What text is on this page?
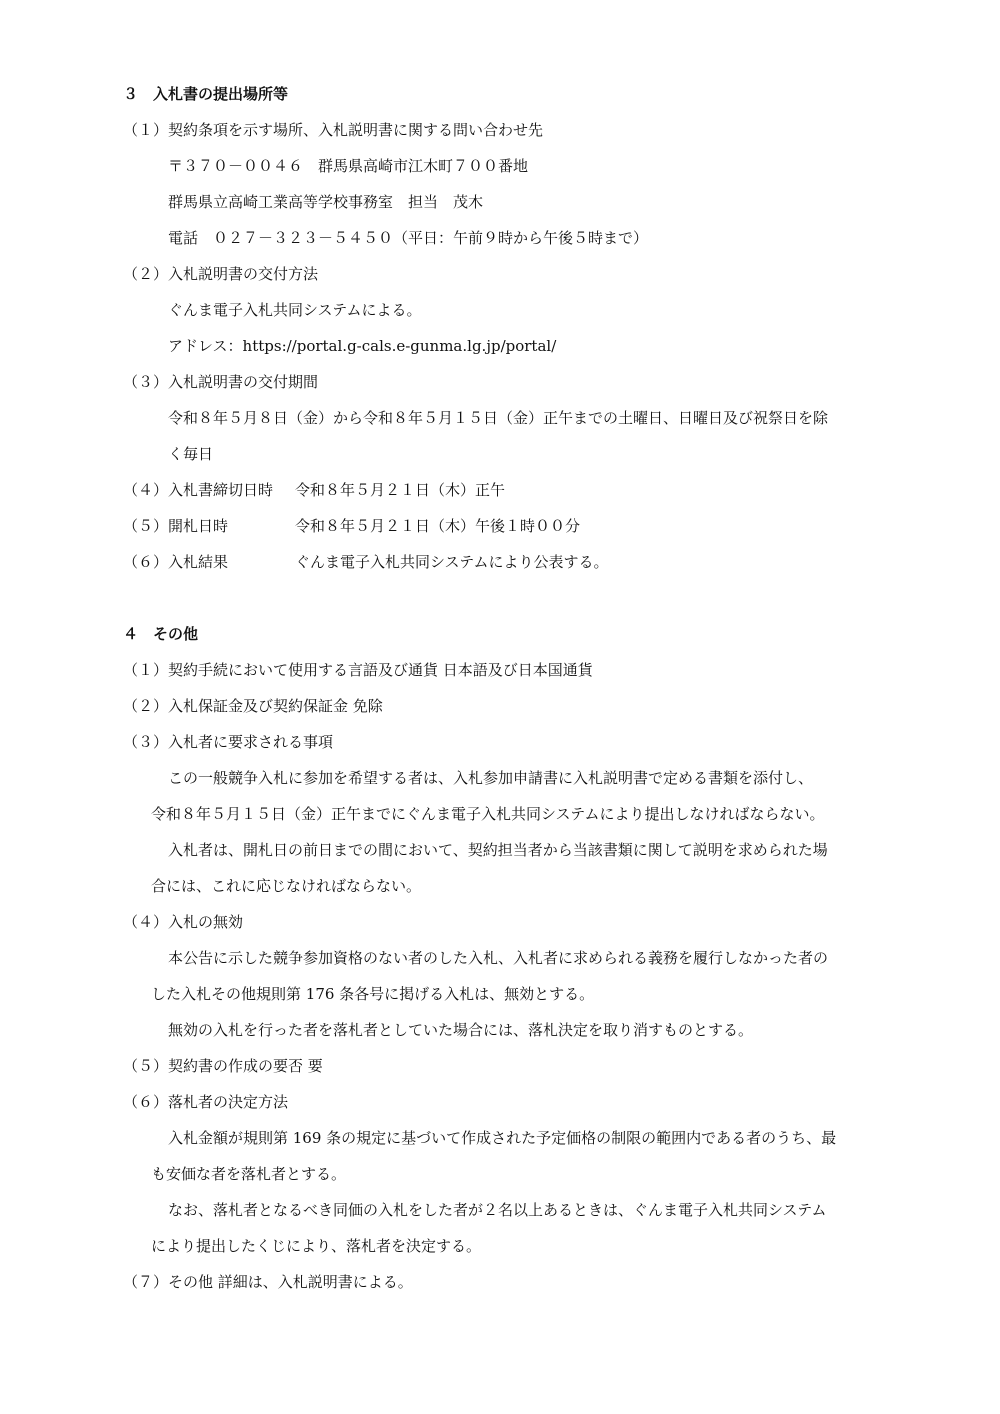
３　入札書の提出場所等
（１）契約条項を示す場所、入札説明書に関する問い合わせ先
〒３７０－００４６　群馬県高崎市江木町７００番地
群馬県立高崎工業高等学校事務室　担当　茂木
電話　０２７－３２３－５４５０（平日：午前９時から午後５時まで）
（２）入札説明書の交付方法
ぐんま電子入札共同システムによる。
アドレス：https://portal.g-cals.e-gunma.lg.jp/portal/
（３）入札説明書の交付期間
令和８年５月８日（金）から令和８年５月１５日（金）正午までの土曜日、日曜日及び祝祭日を除
く毎日
（４）入札書締切日時 令和８年５月２１日（木）正午
（５）開札日時	令和８年５月２１日（木）午後１時００分
（６）入札結果	ぐんま電子入札共同システムにより公表する。
４　その他
（１）契約手続において使用する言語及び通貨 日本語及び日本国通貨
（２）入札保証金及び契約保証金 免除
（３）入札者に要求される事項
この一般競争入札に参加を希望する者は、入札参加申請書に入札説明書で定める書類を添付し、
令和８年５月１５日（金）正午までにぐんま電子入札共同システムにより提出しなければならない。
入札者は、開札日の前日までの間において、契約担当者から当該書類に関して説明を求められた場
合には、これに応じなければならない。
（４）入札の無効
本公告に示した競争参加資格のない者のした入札、入札者に求められる義務を履行しなかった者の
した入札その他規則第 176 条各号に掲げる入札は、無効とする。
無効の入札を行った者を落札者としていた場合には、落札決定を取り消すものとする。
（５）契約書の作成の要否 要
（６）落札者の決定方法
入札金額が規則第 169 条の規定に基づいて作成された予定価格の制限の範囲内である者のうち、最
も安価な者を落札者とする。
なお、落札者となるべき同価の入札をした者が２名以上あるときは、ぐんま電子入札共同システム
により提出したくじにより、落札者を決定する。
（７）その他 詳細は、入札説明書による。
